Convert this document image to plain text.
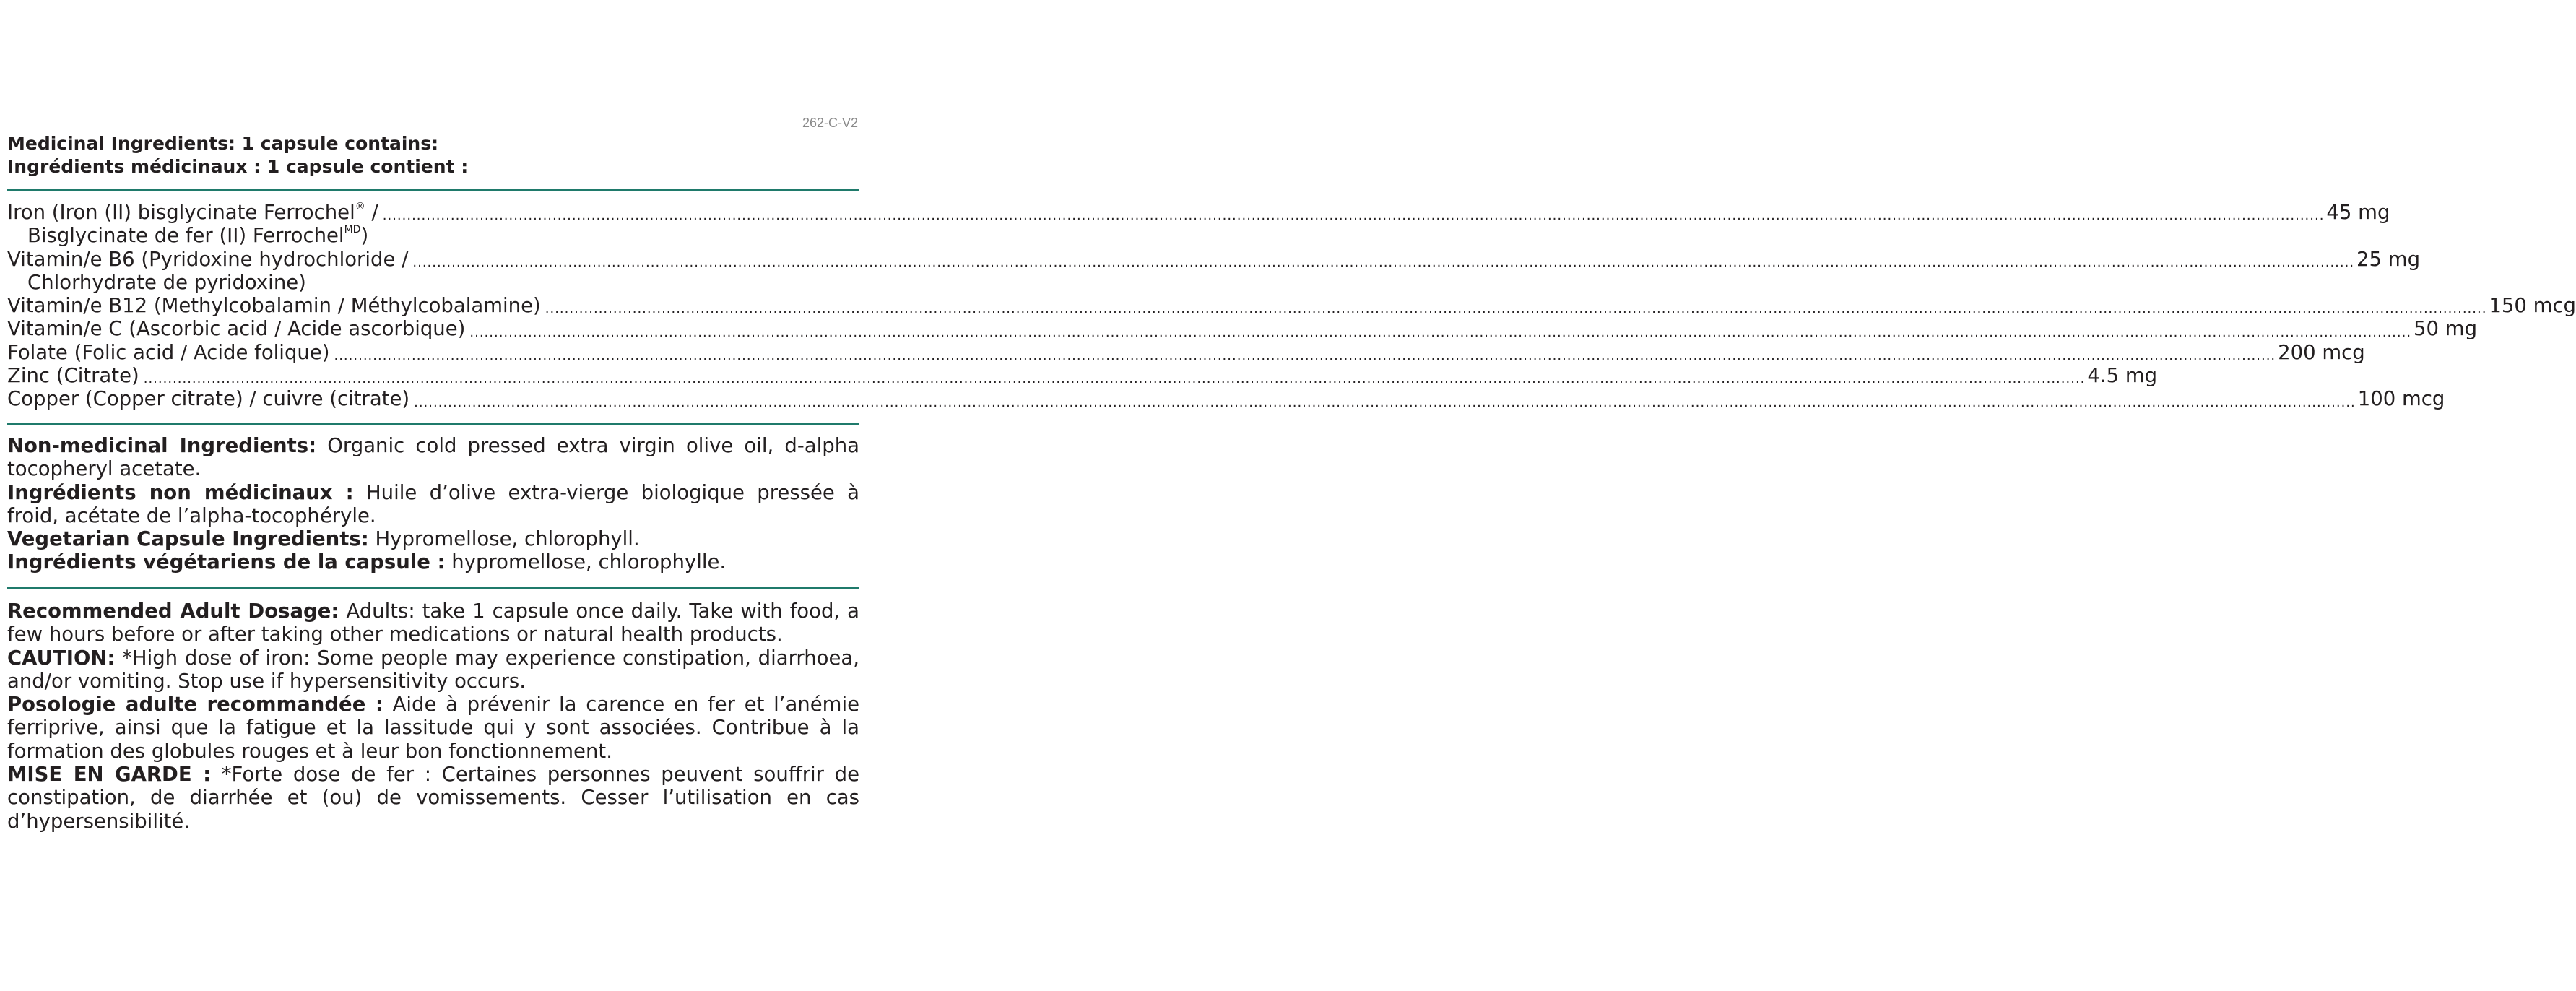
262-C-V2
Medicinal Ingredients: 1 capsule contains:
Ingrédients médicinaux : 1 capsule contient :
Iron (Iron (II) bisglycinate Ferrochel® / ................................................................................................................................................................................................................................................................................................................................................................................................................ 45 mg
Bisglycinate de fer (II) Ferrochel$^{MD}$)
Vitamin/e B6 (Pyridoxine hydrochloride / ................................................................................................................................................................................................................................................................................................................................................................................................................ 25 mg
Chlorhydrate de pyridoxine)
Vitamin/e B12 (Methylcobalamin / Méthylcobalamine) ................................................................................................................................................................................................................................................................................................................................................................................................................ 150 mcg
Vitamin/e C (Ascorbic acid / Acide ascorbique) ................................................................................................................................................................................................................................................................................................................................................................................................................ 50 mg
Folate (Folic acid / Acide folique) ................................................................................................................................................................................................................................................................................................................................................................................................................ 200 mcg
Zinc (Citrate) ................................................................................................................................................................................................................................................................................................................................................................................................................ 4.5 mg
Copper (Copper citrate) / cuivre (citrate) ................................................................................................................................................................................................................................................................................................................................................................................................................ 100 mcg

Non-medicinal Ingredients: Organic cold pressed extra virgin olive oil, d-alpha tocopheryl acetate.

Ingrédients non médicinaux : Huile d’olive extra-vierge biologique pressée à froid, acétate de l’alpha-tocophéryle.

Vegetarian Capsule Ingredients: Hypromellose, chlorophyll.

Ingrédients végétariens de la capsule : hypromellose, chlorophylle.

Recommended Adult Dosage: Adults: take 1 capsule once daily. Take with food, a few hours before or after taking other medications or natural health products.

CAUTION: *High dose of iron: Some people may experience constipation, diarrhoea, and/or vomiting. Stop use if hypersensitivity occurs.

Posologie adulte recommandée : Aide à prévenir la carence en fer et l’anémie ferriprive, ainsi que la fatigue et la lassitude qui y sont associées. Contribue à la formation des globules rouges et à leur bon fonctionnement.

MISE EN GARDE : *Forte dose de fer : Certaines personnes peuvent souffrir de constipation, de diarrhée et (ou) de vomissements. Cesser l’utilisation en cas d’hypersensibilité.
